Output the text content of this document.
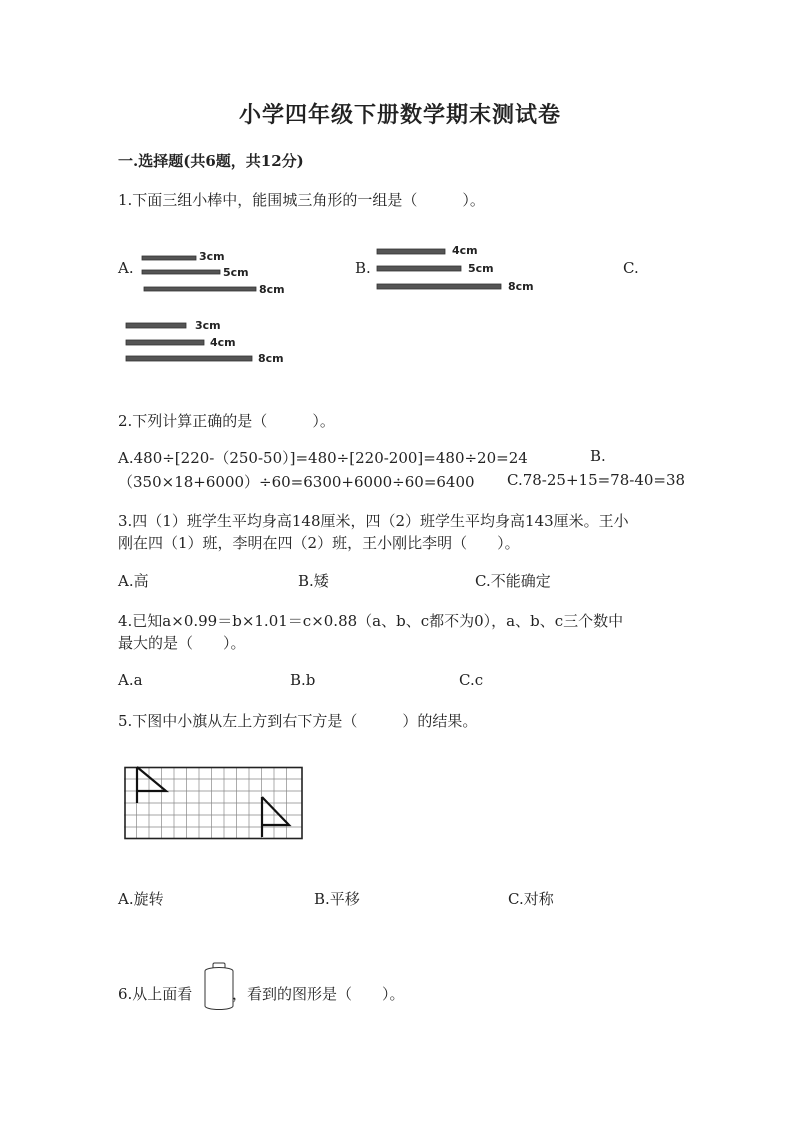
小学四年级下册数学期末测试卷
一.选择题(共6题，共12分)
1.下面三组小棒中，能围城三角形的一组是（　　　）。
A.	B.	C.
3cm
5cm
8cm
4cm
5cm
8cm
3cm
4cm
8cm
2.下列计算正确的是（　　　）。
A.480÷[220-（250-50）]=480÷[220-200]=480÷20=24	B.
（350×18+6000）÷60=6300+6000÷60=6400 C.78-25+15=78-40=38
3.四（1）班学生平均身高148厘米，四（2）班学生平均身高143厘米。王小
刚在四（1）班，李明在四（2）班，王小刚比李明（　　）。
A.高	B.矮	C.不能确定
4.已知a×0.99＝b×1.01＝c×0.88（a、b、c都不为0），a、b、c三个数中
最大的是（　　）。
A.a	B.b	C.c
5.下图中小旗从左上方到右下方是（　　　）的结果。
A.旋转	B.平移	C.对称
6.从上面看	，看到的图形是（　　）。
